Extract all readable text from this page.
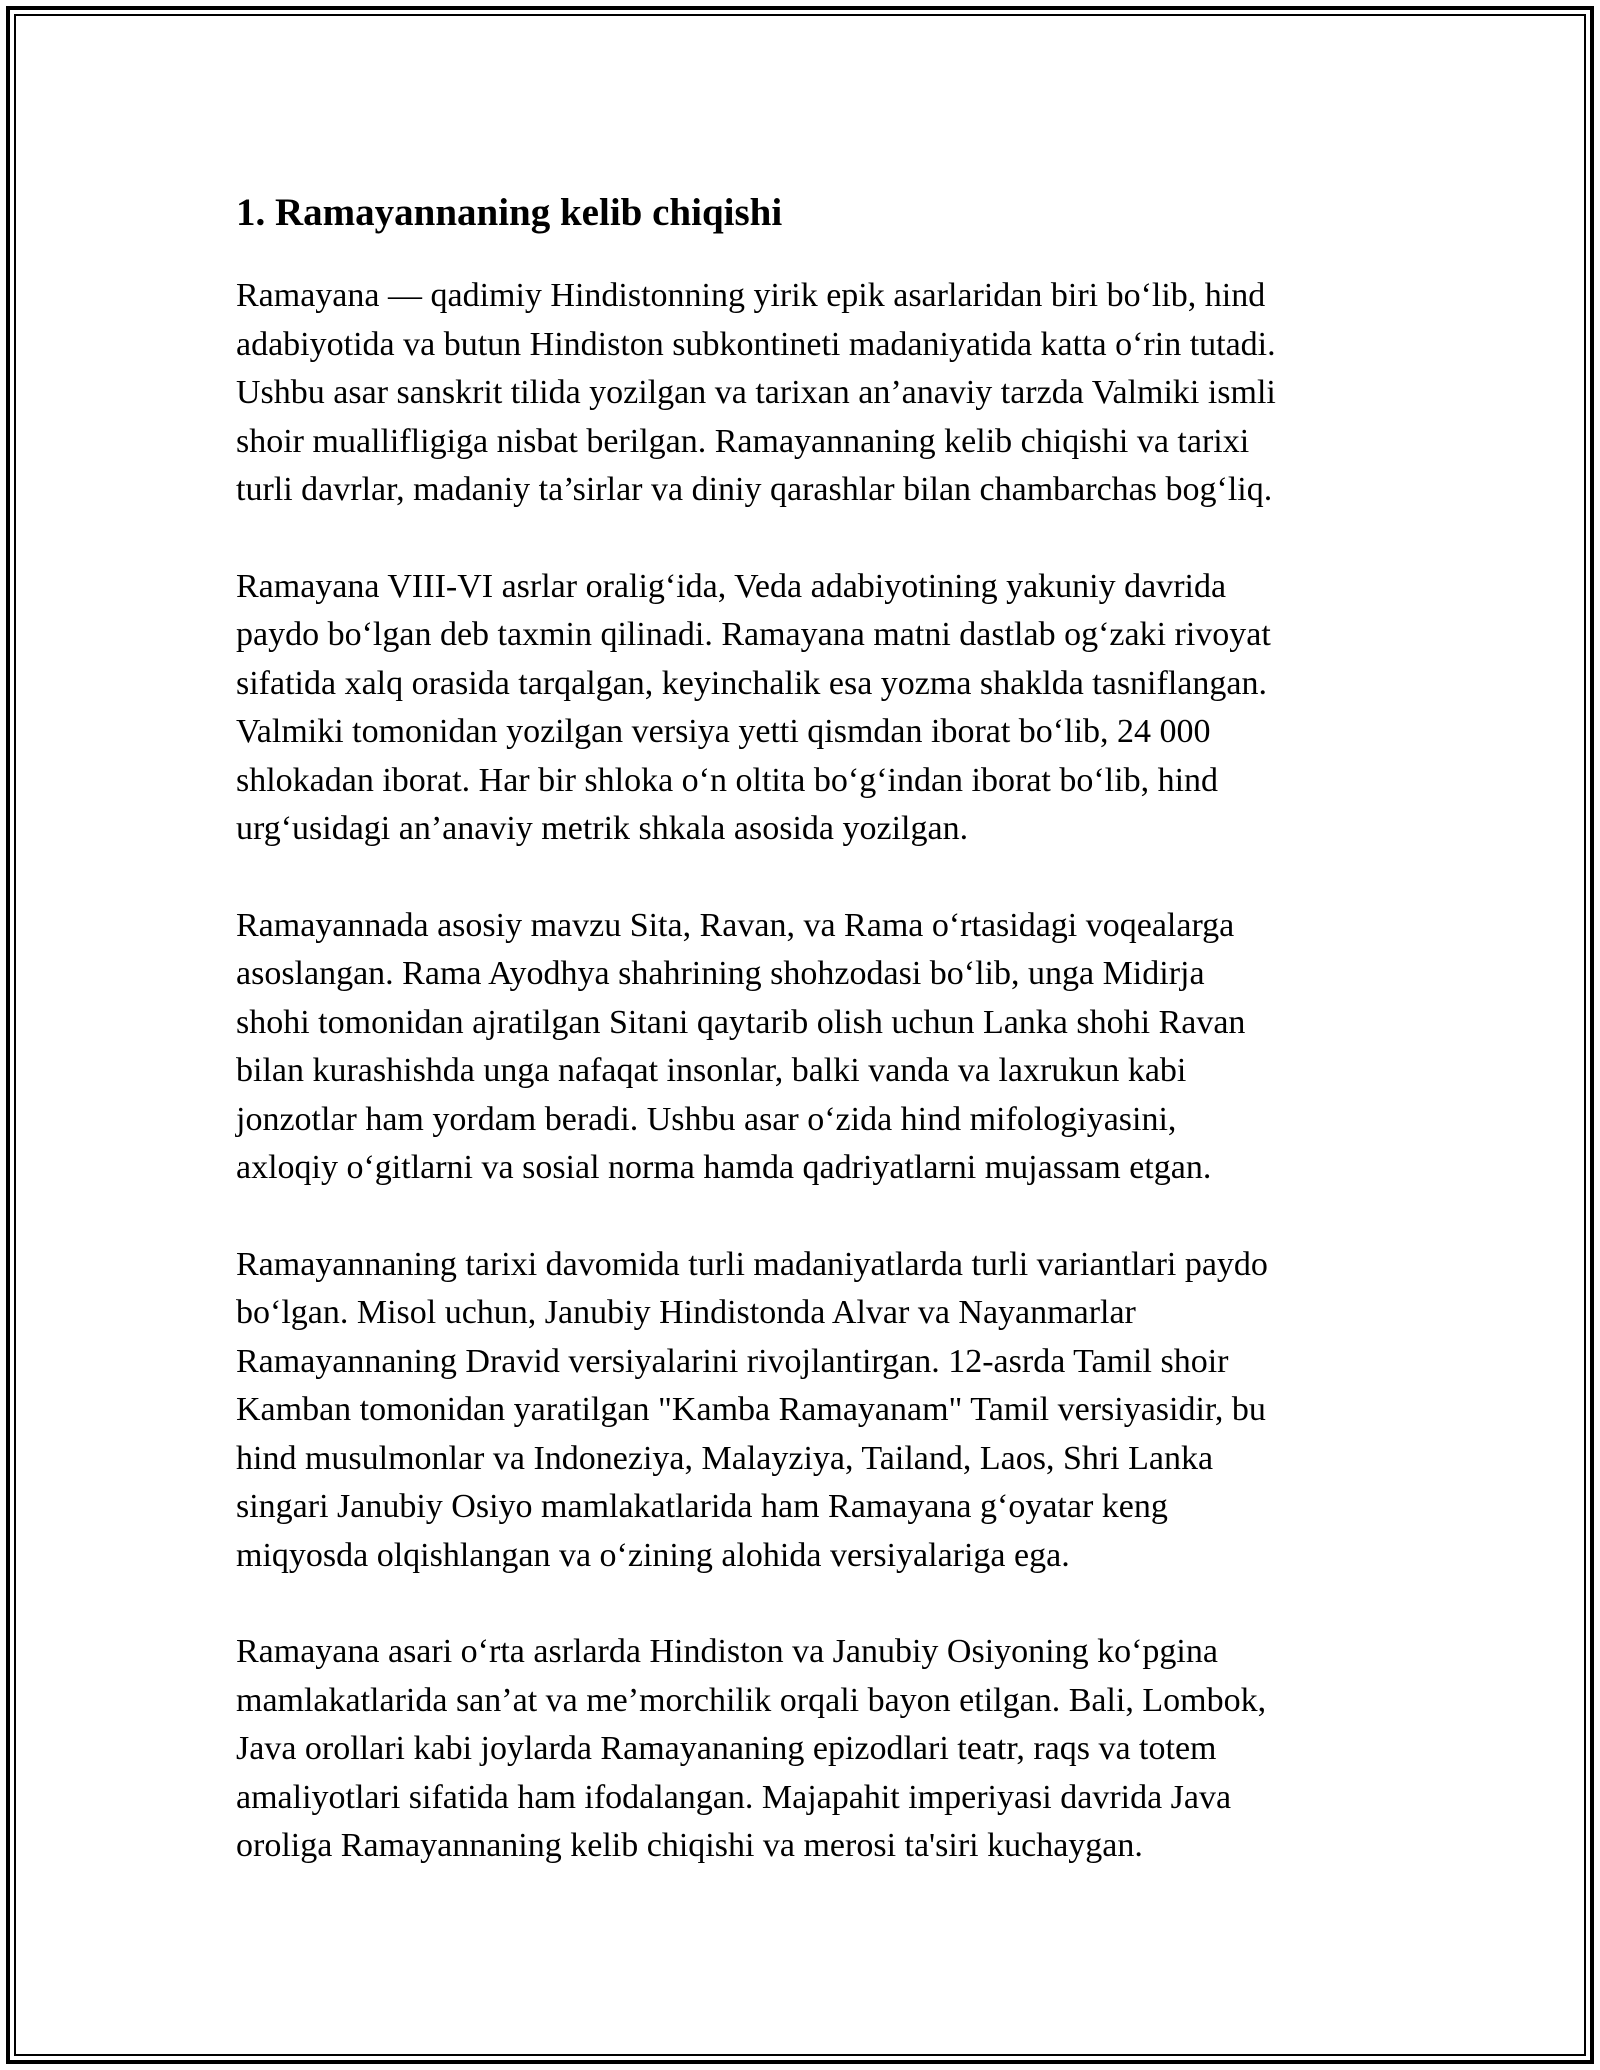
1. Ramayannaning kelib chiqishi

Ramayana — qadimiy Hindistonning yirik epik asarlaridan biri bo‘lib, hind
adabiyotida va butun Hindiston subkontineti madaniyatida katta o‘rin tutadi.
Ushbu asar sanskrit tilida yozilgan va tarixan an’anaviy tarzda Valmiki ismli
shoir muallifligiga nisbat berilgan. Ramayannaning kelib chiqishi va tarixi
turli davrlar, madaniy ta’sirlar va diniy qarashlar bilan chambarchas bog‘liq.

Ramayana VIII-VI asrlar oralig‘ida, Veda adabiyotining yakuniy davrida
paydo bo‘lgan deb taxmin qilinadi. Ramayana matni dastlab og‘zaki rivoyat
sifatida xalq orasida tarqalgan, keyinchalik esa yozma shaklda tasniflangan.
Valmiki tomonidan yozilgan versiya yetti qismdan iborat bo‘lib, 24 000
shlokadan iborat. Har bir shloka o‘n oltita bo‘g‘indan iborat bo‘lib, hind
urg‘usidagi an’anaviy metrik shkala asosida yozilgan.

Ramayannada asosiy mavzu Sita, Ravan, va Rama o‘rtasidagi voqealarga
asoslangan. Rama Ayodhya shahrining shohzodasi bo‘lib, unga Midirja
shohi tomonidan ajratilgan Sitani qaytarib olish uchun Lanka shohi Ravan
bilan kurashishda unga nafaqat insonlar, balki vanda va laxrukun kabi
jonzotlar ham yordam beradi. Ushbu asar o‘zida hind mifologiyasini,
axloqiy o‘gitlarni va sosial norma hamda qadriyatlarni mujassam etgan.

Ramayannaning tarixi davomida turli madaniyatlarda turli variantlari paydo
bo‘lgan. Misol uchun, Janubiy Hindistonda Alvar va Nayanmarlar
Ramayannaning Dravid versiyalarini rivojlantirgan. 12-asrda Tamil shoir
Kamban tomonidan yaratilgan "Kamba Ramayanam" Tamil versiyasidir, bu
hind musulmonlar va Indoneziya, Malayziya, Tailand, Laos, Shri Lanka
singari Janubiy Osiyo mamlakatlarida ham Ramayana g‘oyatar keng
miqyosda olqishlangan va o‘zining alohida versiyalariga ega.

Ramayana asari o‘rta asrlarda Hindiston va Janubiy Osiyoning ko‘pgina
mamlakatlarida san’at va me’morchilik orqali bayon etilgan. Bali, Lombok,
Java orollari kabi joylarda Ramayananing epizodlari teatr, raqs va totem
amaliyotlari sifatida ham ifodalangan. Majapahit imperiyasi davrida Java
oroliga Ramayannaning kelib chiqishi va merosi ta'siri kuchaygan.
